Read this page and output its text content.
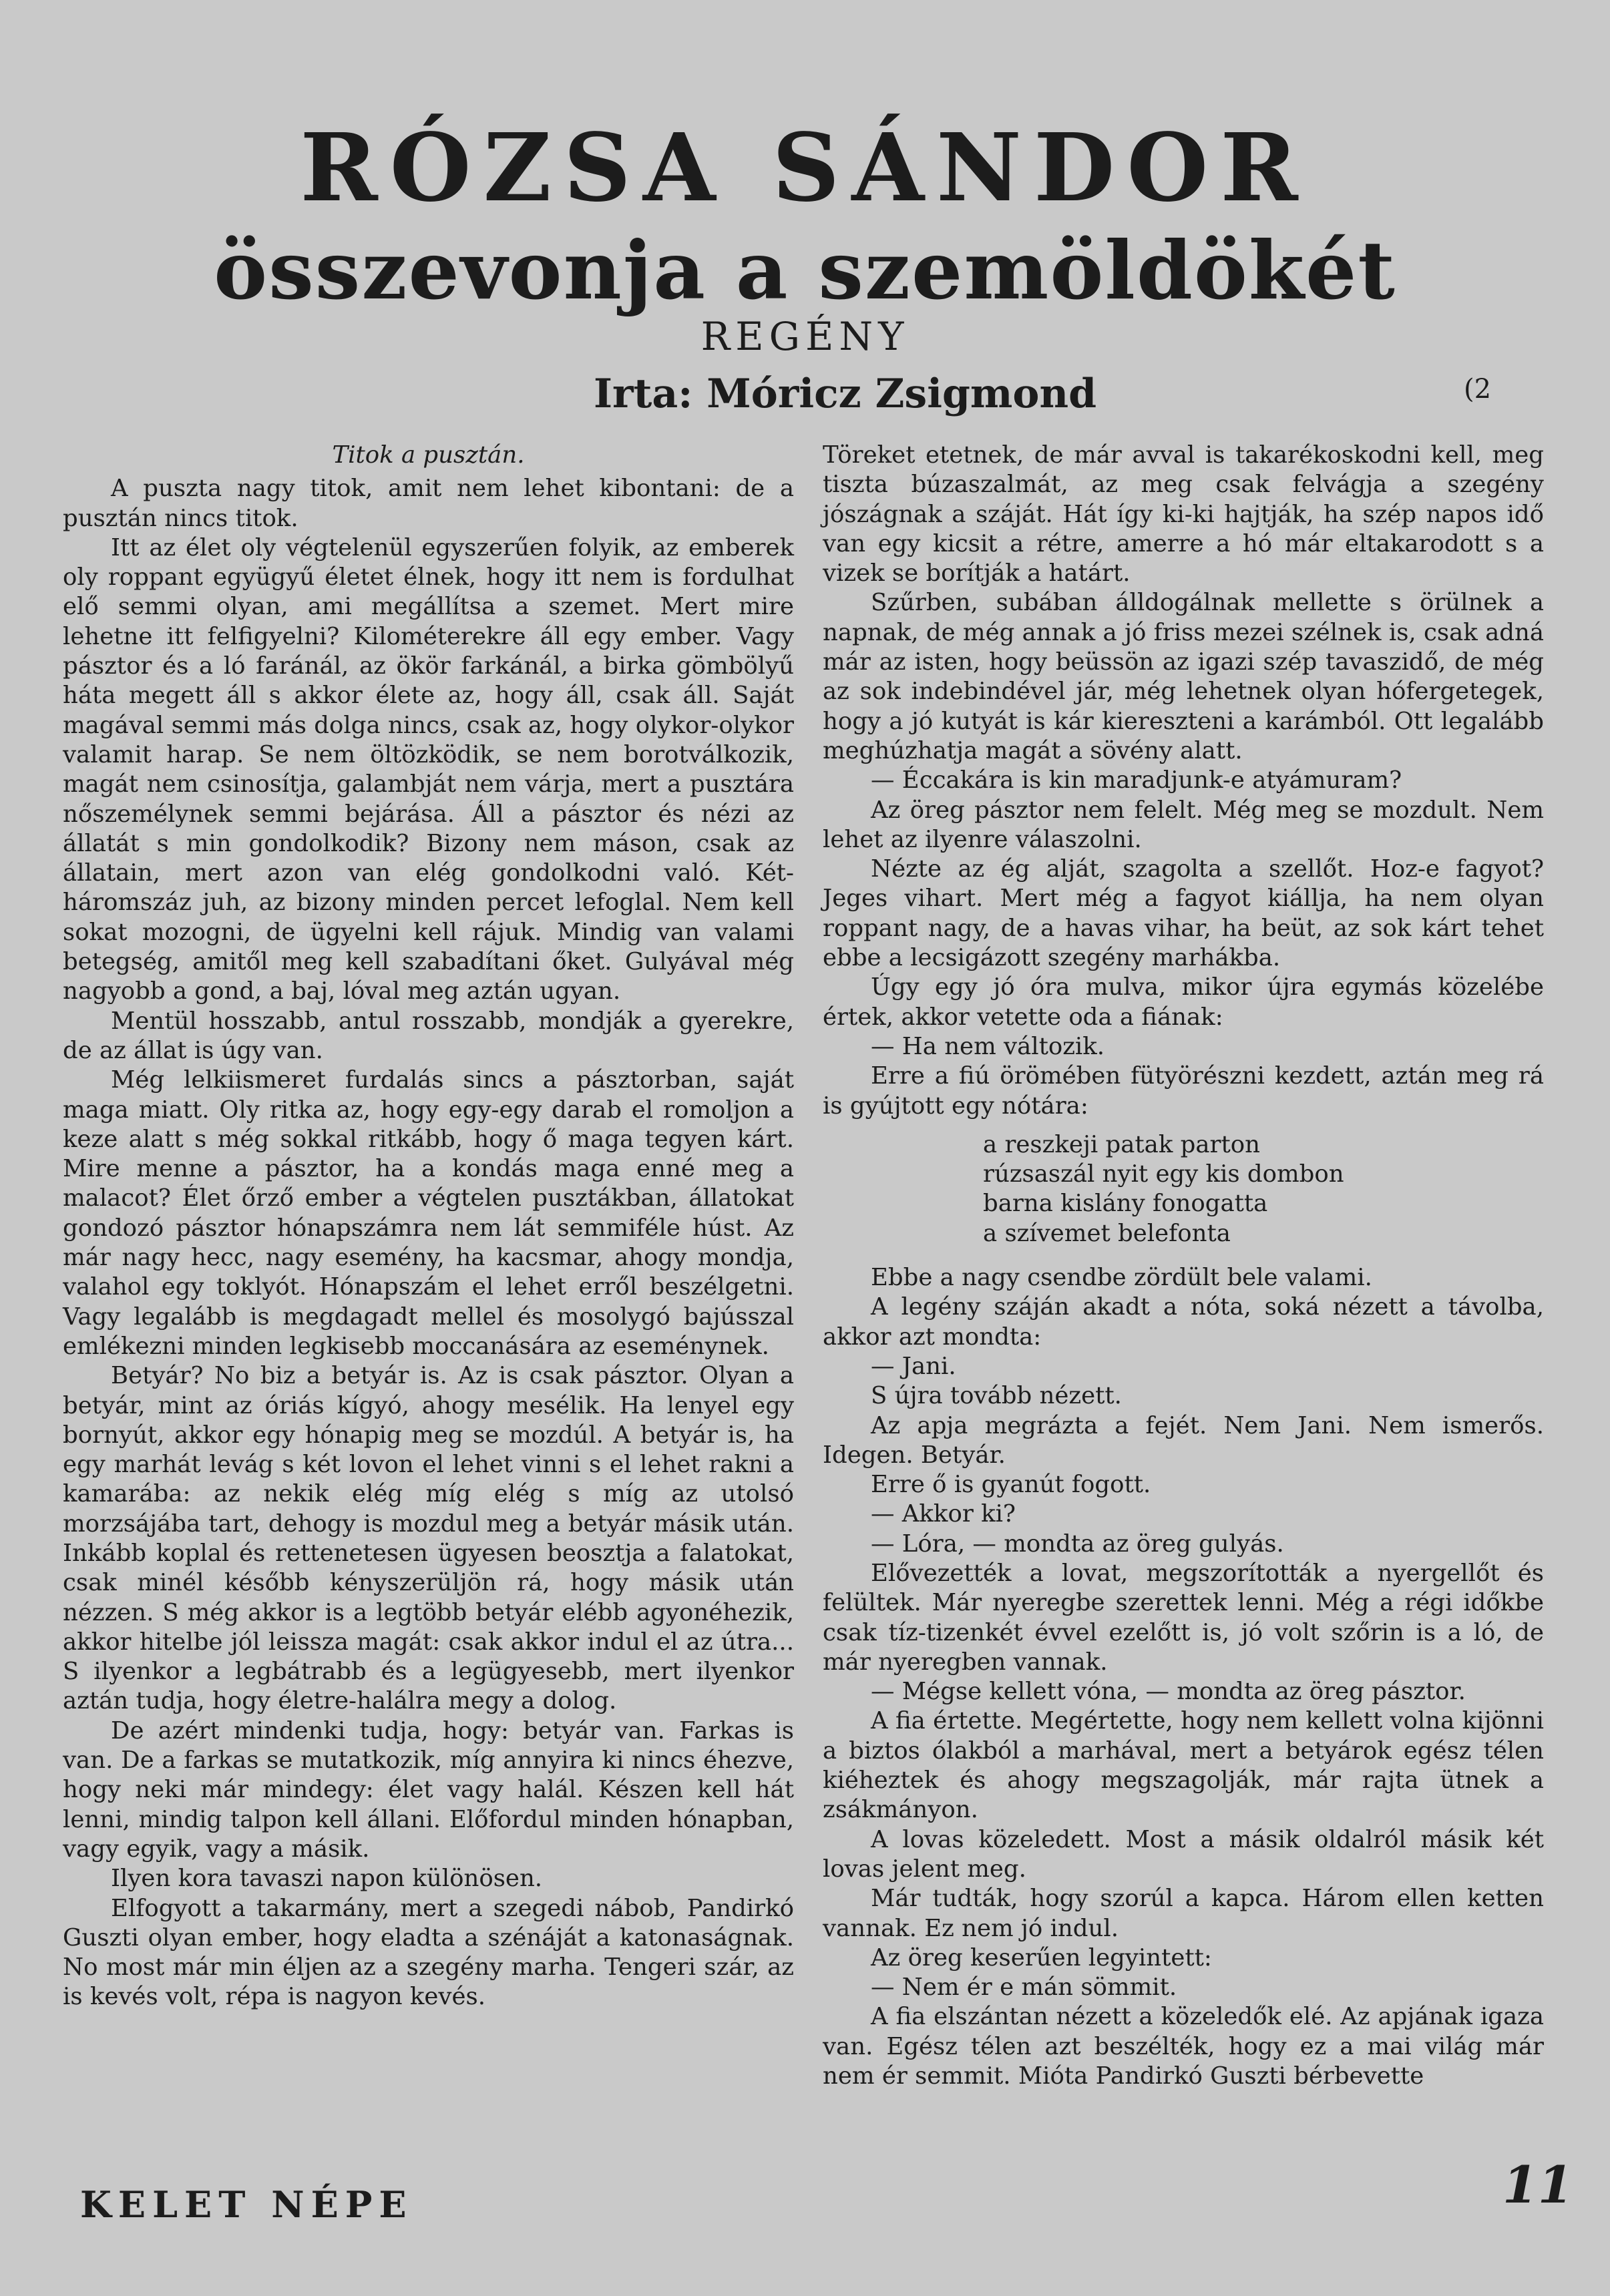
RÓZSA SÁNDOR
összevonja a szemöldökét
REGÉNY
Irta: Móricz Zsigmond	(2

Titok a pusztán.

A puszta nagy titok, amit nem lehet kibontani: de a pusztán nincs titok.

Itt az élet oly végtelenül egyszerűen folyik, az emberek oly roppant együgyű életet élnek, hogy itt nem is fordulhat elő semmi olyan, ami megállítsa a szemet. Mert mire lehetne itt felfigyelni? Kilométerekre áll egy ember. Vagy pásztor és a ló faránál, az ökör farkánál, a birka gömbölyű háta megett áll s akkor élete az, hogy áll, csak áll. Saját magával semmi más dolga nincs, csak az, hogy olykor-olykor valamit harap. Se nem öltözködik, se nem borotválkozik, magát nem csinosítja, galambját nem várja, mert a pusztára nőszemélynek semmi bejárása. Áll a pásztor és nézi az állatát s min gondolkodik? Bizony nem máson, csak az állatain, mert azon van elég gondolkodni való. Két-háromszáz juh, az bizony minden percet lefoglal. Nem kell sokat mozogni, de ügyelni kell rájuk. Mindig van valami betegség, amitől meg kell szabadítani őket. Gulyával még nagyobb a gond, a baj, lóval meg aztán ugyan.

Mentül hosszabb, antul rosszabb, mondják a gyerekre, de az állat is úgy van.

Még lelkiismeret furdalás sincs a pásztorban, saját maga miatt. Oly ritka az, hogy egy-egy darab el romoljon a keze alatt s még sokkal ritkább, hogy ő maga tegyen kárt. Mire menne a pásztor, ha a kondás maga enné meg a malacot? Élet őrző ember a végtelen pusztákban, állatokat gondozó pásztor hónapszámra nem lát semmiféle húst. Az már nagy hecc, nagy esemény, ha kacsmar, ahogy mondja, valahol egy toklyót. Hónapszám el lehet erről beszélgetni. Vagy legalább is megdagadt mellel és mosolygó bajússzal emlékezni minden legkisebb moccanására az eseménynek.

Betyár? No biz a betyár is. Az is csak pásztor. Olyan a betyár, mint az óriás kígyó, ahogy mesélik. Ha lenyel egy bornyút, akkor egy hónapig meg se mozdúl. A betyár is, ha egy marhát levág s két lovon el lehet vinni s el lehet rakni a kamarába: az nekik elég míg elég s míg az utolsó morzsájába tart, dehogy is mozdul meg a betyár másik után. Inkább koplal és rettenetesen ügyesen beosztja a falatokat, csak minél később kényszerüljön rá, hogy másik után nézzen. S még akkor is a legtöbb betyár elébb agyonéhezik, akkor hitelbe jól leissza magát: csak akkor indul el az útra... S ilyenkor a legbátrabb és a legügyesebb, mert ilyenkor aztán tudja, hogy életre-halálra megy a dolog.

De azért mindenki tudja, hogy: betyár van. Farkas is van. De a farkas se mutatkozik, míg annyira ki nincs éhezve, hogy neki már mindegy: élet vagy halál. Készen kell hát lenni, mindig talpon kell állani. Előfordul minden hónapban, vagy egyik, vagy a másik.

Ilyen kora tavaszi napon különösen.

Elfogyott a takarmány, mert a szegedi nábob, Pandirkó Guszti olyan ember, hogy eladta a szénáját a katonaságnak. No most már min éljen az a szegény marha. Tengeri szár, az is kevés volt, répa is nagyon kevés.

Töreket etetnek, de már avval is takarékoskodni kell, meg tiszta búzaszalmát, az meg csak felvágja a szegény jószágnak a száját. Hát így ki-ki hajtják, ha szép napos idő van egy kicsit a rétre, amerre a hó már eltakarodott s a vizek se borítják a határt.

Szűrben, subában álldogálnak mellette s örülnek a napnak, de még annak a jó friss mezei szélnek is, csak adná már az isten, hogy beüssön az igazi szép tavaszidő, de még az sok indebindével jár, még lehetnek olyan hófergetegek, hogy a jó kutyát is kár kiereszteni a karámból. Ott legalább meghúzhatja magát a sövény alatt.

— Éccakára is kin maradjunk-e atyámuram?

Az öreg pásztor nem felelt. Még meg se mozdult. Nem lehet az ilyenre válaszolni.

Nézte az ég alját, szagolta a szellőt. Hoz-e fagyot? Jeges vihart. Mert még a fagyot kiállja, ha nem olyan roppant nagy, de a havas vihar, ha beüt, az sok kárt tehet ebbe a lecsigázott szegény marhákba.

Úgy egy jó óra mulva, mikor újra egymás közelébe értek, akkor vetette oda a fiának:

— Ha nem változik.

Erre a fiú örömében fütyörészni kezdett, aztán meg rá is gyújtott egy nótára:

a reszkeji patak parton
rúzsaszál nyit egy kis dombon
barna kislány fonogatta
a szívemet belefonta

Ebbe a nagy csendbe zördült bele valami.

A legény száján akadt a nóta, soká nézett a távolba, akkor azt mondta:

— Jani.

S újra tovább nézett.

Az apja megrázta a fejét. Nem Jani. Nem ismerős. Idegen. Betyár.

Erre ő is gyanút fogott.

— Akkor ki?

— Lóra, — mondta az öreg gulyás.

Elővezették a lovat, megszorították a nyergellőt és felültek. Már nyeregbe szerettek lenni. Még a régi időkbe csak tíz-tizenkét évvel ezelőtt is, jó volt szőrin is a ló, de már nyeregben vannak.

— Mégse kellett vóna, — mondta az öreg pásztor.

A fia értette. Megértette, hogy nem kellett volna kijönni a biztos ólakból a marhával, mert a betyárok egész télen kiéheztek és ahogy megszagolják, már rajta ütnek a zsákmányon.

A lovas közeledett. Most a másik oldalról másik két lovas jelent meg.

Már tudták, hogy szorúl a kapca. Három ellen ketten vannak. Ez nem jó indul.

Az öreg keserűen legyintett:

— Nem ér e mán sömmit.

A fia elszántan nézett a közeledők elé. Az apjának igaza van. Egész télen azt beszélték, hogy ez a mai világ már nem ér semmit. Mióta Pandirkó Guszti bérbevette

KELET NÉPE	11
